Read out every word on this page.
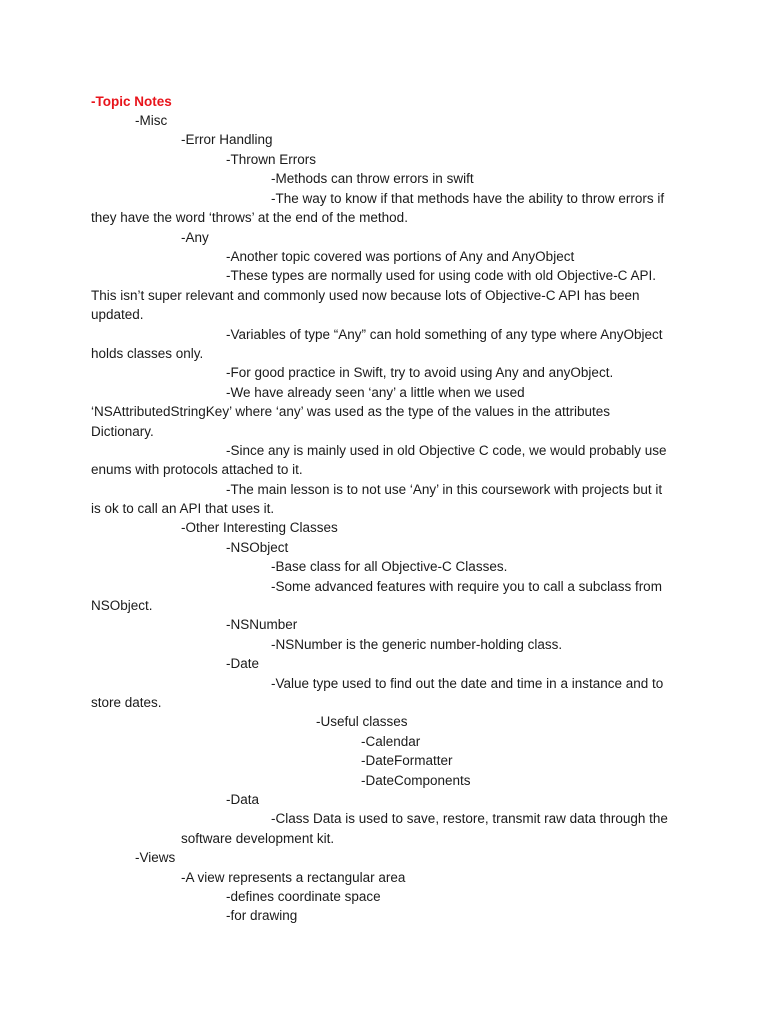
-Topic Notes
-Misc
-Error Handling
-Thrown Errors
-Methods can throw errors in swift
-The way to know if that methods have the ability to throw errors if
they have the word ‘throws’ at the end of the method.
-Any
-Another topic covered was portions of Any and AnyObject
-These types are normally used for using code with old Objective-C API.
This isn’t super relevant and commonly used now because lots of Objective-C API has been
updated.
-Variables of type “Any” can hold something of any type where AnyObject
holds classes only.
-For good practice in Swift, try to avoid using Any and anyObject.
-We have already seen ‘any’ a little when we used
‘NSAttributedStringKey’ where ‘any’ was used as the type of the values in the attributes
Dictionary.
-Since any is mainly used in old Objective C code, we would probably use
enums with protocols attached to it.
-The main lesson is to not use ‘Any’ in this coursework with projects but it
is ok to call an API that uses it.
-Other Interesting Classes
-NSObject
-Base class for all Objective-C Classes.
-Some advanced features with require you to call a subclass from
NSObject.
-NSNumber
-NSNumber is the generic number-holding class.
-Date
-Value type used to find out the date and time in a instance and to
store dates.
-Useful classes
-Calendar
-DateFormatter
-DateComponents
-Data
-Class Data is used to save, restore, transmit raw data through the
software development kit.
-Views
-A view represents a rectangular area
-defines coordinate space
-for drawing
